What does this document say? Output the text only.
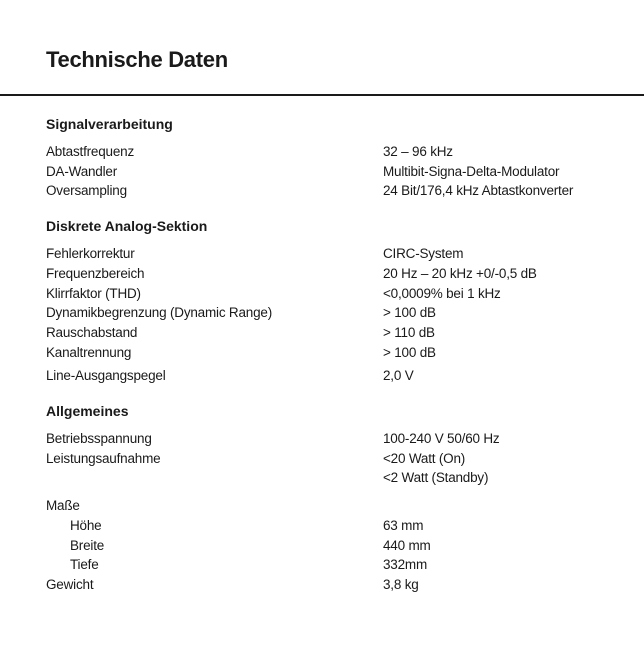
Technische Daten
Signalverarbeitung
Abtastfrequenz	32 – 96 kHz
DA-Wandler	Multibit-Signa-Delta-Modulator
Oversampling	24 Bit/176,4 kHz Abtastkonverter
Diskrete Analog-Sektion
Fehlerkorrektur	CIRC-System
Frequenzbereich	20 Hz – 20 kHz +0/-0,5 dB
Klirrfaktor (THD)	<0,0009% bei 1 kHz
Dynamikbegrenzung (Dynamic Range)	> 100 dB
Rauschabstand	> 110 dB
Kanaltrennung	> 100 dB
Line-Ausgangspegel	2,0 V
Allgemeines
Betriebsspannung	100-240 V 50/60 Hz
Leistungsaufnahme	<20 Watt (On)
<2 Watt (Standby)
Maße
Höhe	63 mm
Breite	440 mm
Tiefe	332mm
Gewicht	3,8 kg
